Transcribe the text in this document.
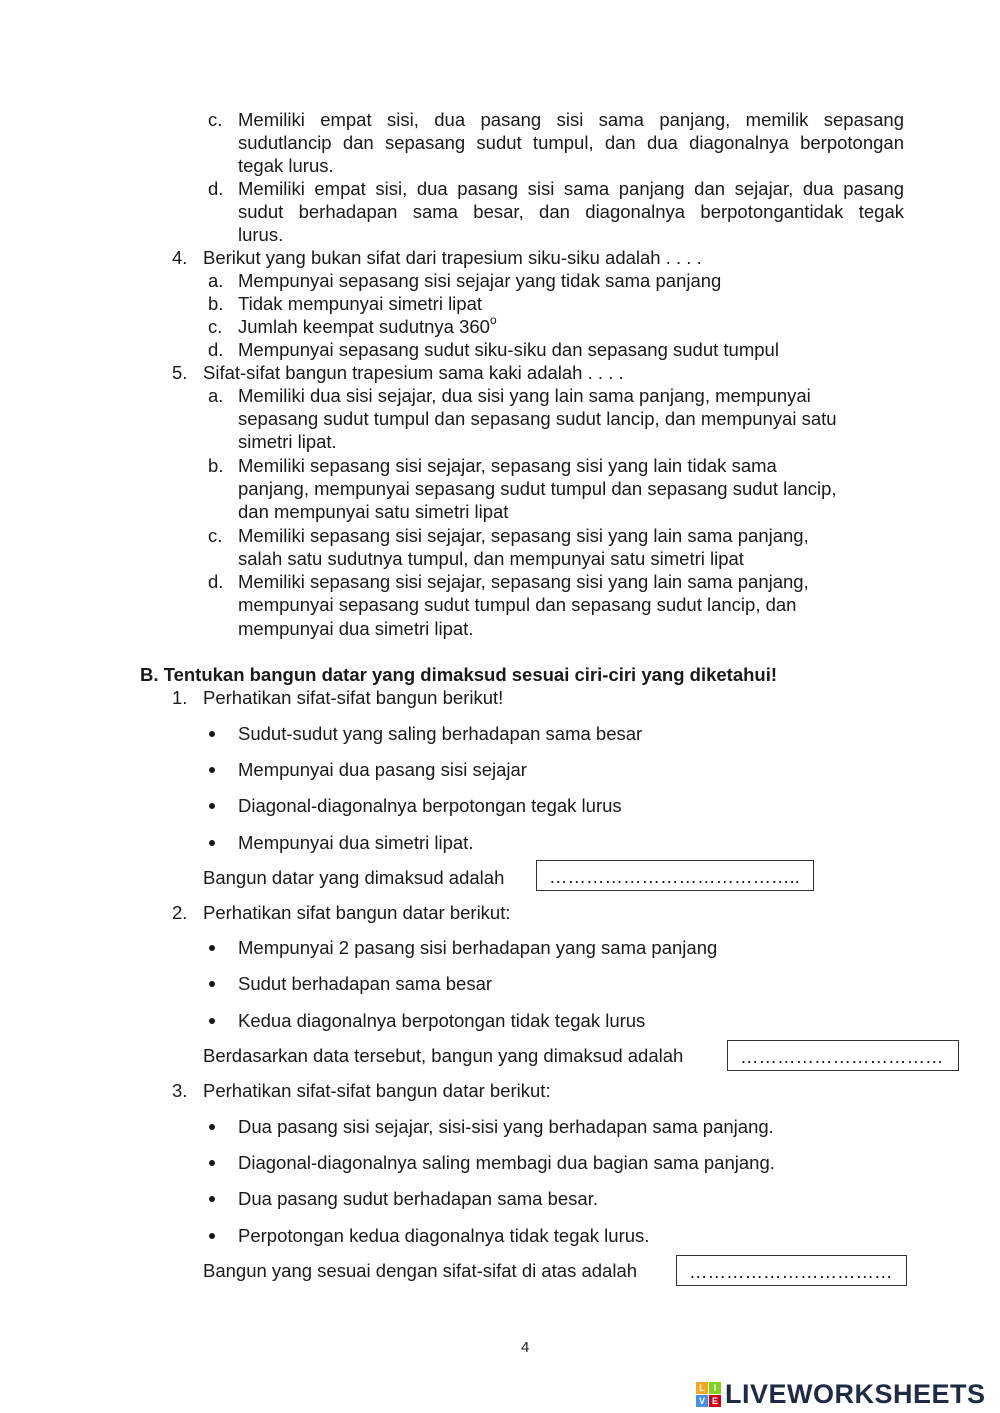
c. Memiliki empat sisi, dua pasang sisi sama panjang, memilik sepasang
sudutlancip dan sepasang sudut tumpul, dan dua diagonalnya berpotongan
tegak lurus.
d. Memiliki empat sisi, dua pasang sisi sama panjang dan sejajar, dua pasang
sudut berhadapan sama besar, dan diagonalnya berpotongantidak tegak
lurus.
4. Berikut yang bukan sifat dari trapesium siku-siku adalah . . . .
a. Mempunyai sepasang sisi sejajar yang tidak sama panjang
b. Tidak mempunyai simetri lipat
c. Jumlah keempat sudutnya 360$^o$
d. Mempunyai sepasang sudut siku-siku dan sepasang sudut tumpul
5. Sifat-sifat bangun trapesium sama kaki adalah . . . .
a. Memiliki dua sisi sejajar, dua sisi yang lain sama panjang, mempunyai
sepasang sudut tumpul dan sepasang sudut lancip, dan mempunyai satu
simetri lipat.
b. Memiliki sepasang sisi sejajar, sepasang sisi yang lain tidak sama
panjang, mempunyai sepasang sudut tumpul dan sepasang sudut lancip,
dan mempunyai satu simetri lipat
c. Memiliki sepasang sisi sejajar, sepasang sisi yang lain sama panjang,
salah satu sudutnya tumpul, dan mempunyai satu simetri lipat
d. Memiliki sepasang sisi sejajar, sepasang sisi yang lain sama panjang,
mempunyai sepasang sudut tumpul dan sepasang sudut lancip, dan
mempunyai dua simetri lipat.
B. Tentukan bangun datar yang dimaksud sesuai ciri-ciri yang diketahui!
1. Perhatikan sifat-sifat bangun berikut!
Sudut-sudut yang saling berhadapan sama besar
Mempunyai dua pasang sisi sejajar
Diagonal-diagonalnya berpotongan tegak lurus
Mempunyai dua simetri lipat.
Bangun datar yang dimaksud adalah …………………………………..
2. Perhatikan sifat bangun datar berikut:
Mempunyai 2 pasang sisi berhadapan yang sama panjang
Sudut berhadapan sama besar
Kedua diagonalnya berpotongan tidak tegak lurus
Berdasarkan data tersebut, bangun yang dimaksud adalah	……………………………
3. Perhatikan sifat-sifat bangun datar berikut:
Dua pasang sisi sejajar, sisi-sisi yang berhadapan sama panjang.
Diagonal-diagonalnya saling membagi dua bagian sama panjang.
Dua pasang sudut berhadapan sama besar.
Perpotongan kedua diagonalnya tidak tegak lurus.
Bangun yang sesuai dengan sifat-sifat di atas adalah	……………………………
4
L I
V E LIVEWORKSHEETS
